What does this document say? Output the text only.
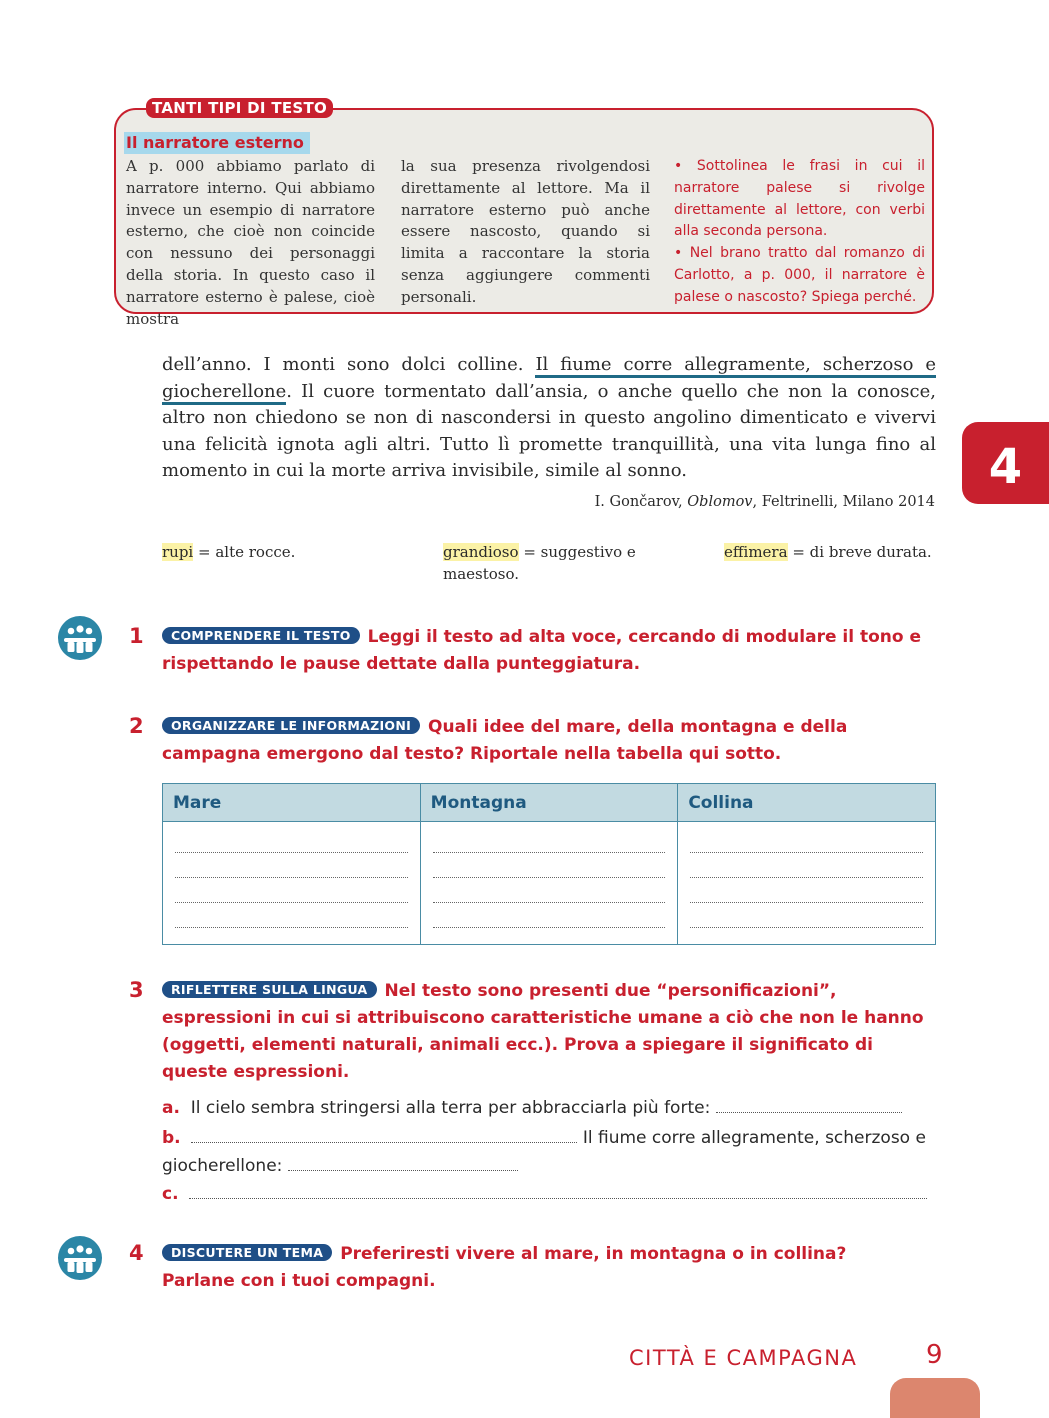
TANTI TIPI DI TESTO
Il narratore esterno

A p. 000 abbiamo parlato di narratore interno. Qui abbiamo invece un esempio di narratore esterno, che cioè non coincide con nessuno dei personaggi della storia. In questo caso il narratore esterno è palese, cioè mostra

la sua presenza rivolgendosi direttamente al lettore. Ma il narratore esterno può anche essere nascosto, quando si limita a raccontare la storia senza aggiungere commenti personali.

• Sottolinea le frasi in cui il narratore palese si rivolge direttamente al lettore, con verbi alla seconda persona.

• Nel brano tratto dal romanzo di Carlotto, a p. 000, il narratore è palese o nascosto? Spiega perché.

dell’anno. I monti sono dolci colline. Il fiume corre allegramente, scherzoso e giocherellone. Il cuore tormentato dall’ansia, o anche quello che non la conosce, altro non chiedono se non di nascondersi in questo angolino dimenticato e vivervi una felicità ignota agli altri. Tutto lì promette tranquillità, una vita lunga fino al momento in cui la morte arriva invisibile, simile al sonno.
I. Gončarov, Oblomov, Feltrinelli, Milano 2014
4
rupi = alte rocce.	grandioso = suggestivo e maestoso.
effimera = di breve durata.
1	COMPRENDERE IL TESTO Leggi il testo ad alta voce, cercando di modulare il tono e rispettando le pause dettate dalla punteggiatura.
2	ORGANIZZARE LE INFORMAZIONI Quali idee del mare, della montagna e della campagna emergono dal testo? Riportale nella tabella qui sotto.
Mare	Montagna	Collina

3	RIFLETTERE SULLA LINGUA Nel testo sono presenti due “personificazioni”, espressioni in cui si attribuiscono caratteristiche umane a ciò che non le hanno (oggetti, elementi naturali, animali ecc.). Prova a spiegare il significato di queste espressioni.
a. Il cielo sembra stringersi alla terra per abbracciarla più forte:
b.	Il fiume corre allegramente, scherzoso e giocherellone:
c.
4	DISCUTERE UN TEMA Preferiresti vivere al mare, in montagna o in collina? Parlane con i tuoi compagni.
CITTÀ E CAMPAGNA	9
